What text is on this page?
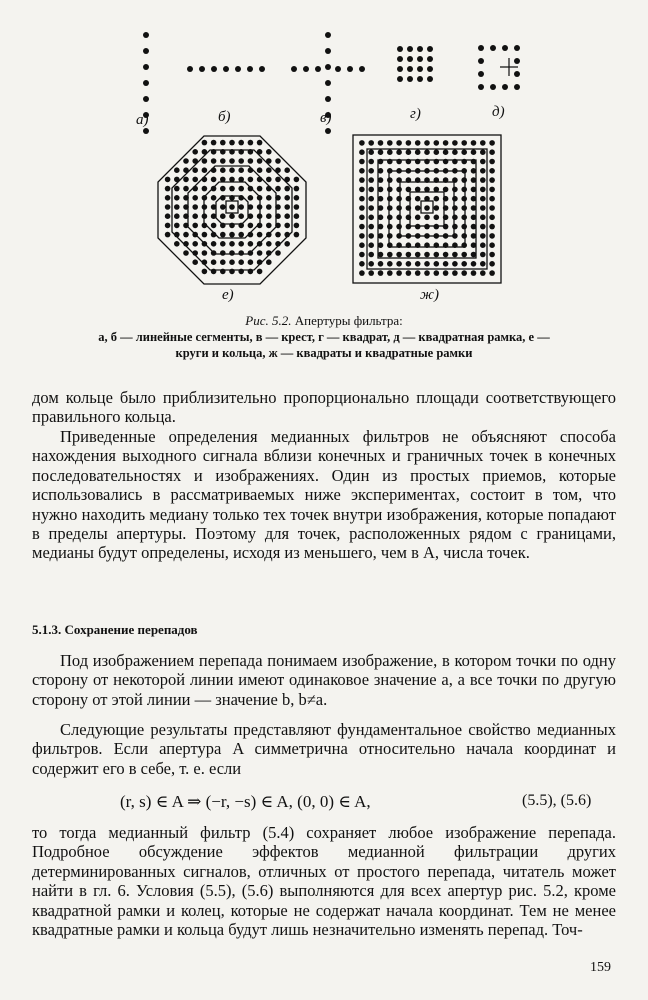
а)	б)	в)	г)	д)
е)	ж)
Рис. 5.2. Апертуры фильтра:
а, б — линейные сегменты, в — крест, г — квадрат, д — квадратная рамка, е —
круги и кольца, ж — квадраты и квадратные рамки

дом кольце было приблизительно пропорционально площади соответствующего правильного кольца.

Приведенные определения медианных фильтров не объясняют способа нахождения выходного сигнала вблизи конечных и граничных точек в конечных последовательностях и изображениях. Один из простых приемов, которые использовались в рассматриваемых ниже экспериментах, состоит в том, что нужно находить медиану только тех точек внутри изображения, которые попадают в пределы апертуры. Поэтому для точек, расположенных рядом с границами, медианы будут определены, исходя из меньшего, чем в A, числа точек.

5.1.3. Сохранение перепадов

Под изображением перепада понимаем изображение, в котором точки по одну сторону от некоторой линии имеют одинаковое значение a, а все точки по другую сторону от этой линии — значение b, b≠a.

Следующие результаты представляют фундаментальное свойство медианных фильтров. Если апертура A симметрична относительно начала координат и содержит его в себе, т. е. если

(r, s) ∈ A ⇒ (−r, −s) ∈ A, (0, 0) ∈ A,	(5.5), (5.6)

то тогда медианный фильтр (5.4) сохраняет любое изображение перепада. Подробное обсуждение эффектов медианной фильтрации других детерминированных сигналов, отличных от простого перепада, читатель может найти в гл. 6. Условия (5.5), (5.6) выполняются для всех апертур рис. 5.2, кроме квадратной рамки и колец, которые не содержат начала координат. Тем не менее квадратные рамки и кольца будут лишь незначительно изменять перепад. Точ-

159
